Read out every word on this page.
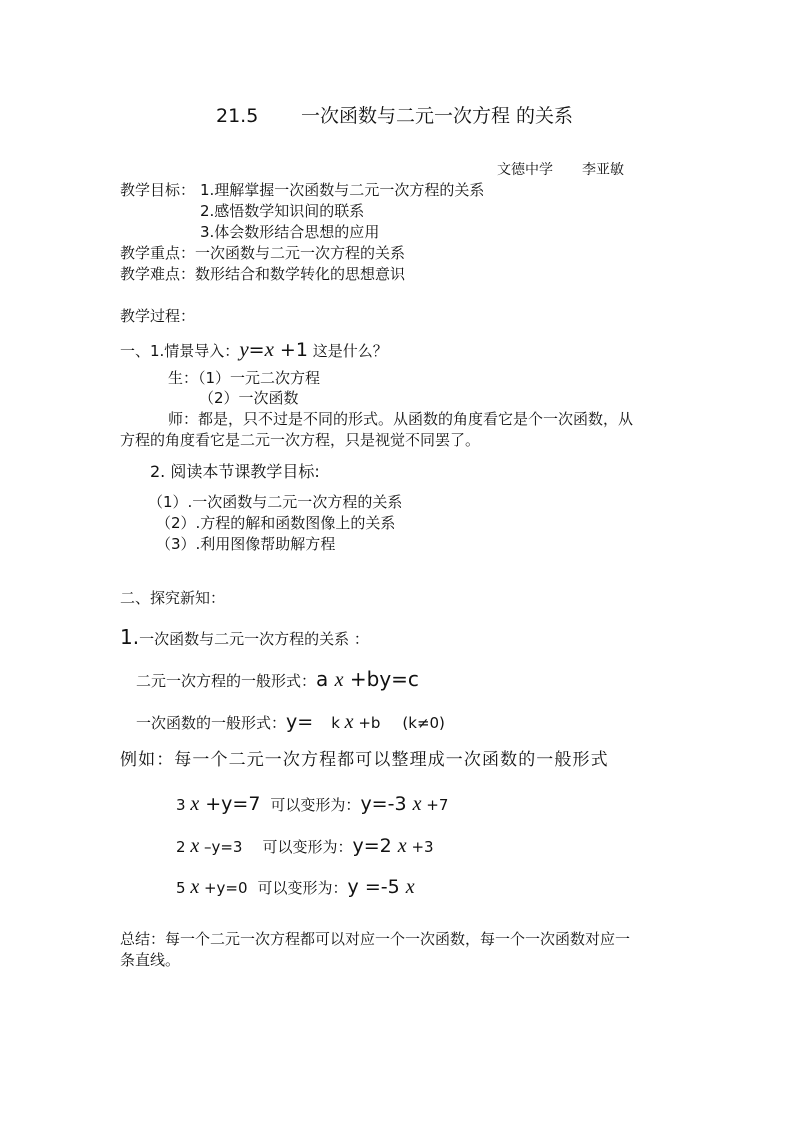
21.5 一次函数与二元一次方程 的关系
文德中学 李亚敏
教学目标： 1.理解掌握一次函数与二元一次方程的关系
2.感悟数学知识间的联系
3.体会数形结合思想的应用
教学重点：一次函数与二元一次方程的关系
教学难点：数形结合和数学转化的思想意识
教学过程：
一、1.情景导入：y=x +1 这是什么？
生：（1）一元二次方程
（2）一次函数
师：都是，只不过是不同的形式。从函数的角度看它是个一次函数，从
方程的角度看它是二元一次方程，只是视觉不同罢了。
2. 阅读本节课教学目标:
（1）.一次函数与二元一次方程的关系
（2）.方程的解和函数图像上的关系
（3）.利用图像帮助解方程
二、探究新知：
1.一次函数与二元一次方程的关系 ：
二元一次方程的一般形式：a x +by=c
一次函数的一般形式：y= k x +b (k≠0)
例如：每一个二元一次方程都可以整理成一次函数的一般形式
3 x +y=7 可以变形为：y=-3 x +7
2 x –y=3 可以变形为：y=2 x +3
5 x +y=0 可以变形为：y =-5 x
总结：每一个二元一次方程都可以对应一个一次函数，每一个一次函数对应一
条直线。
